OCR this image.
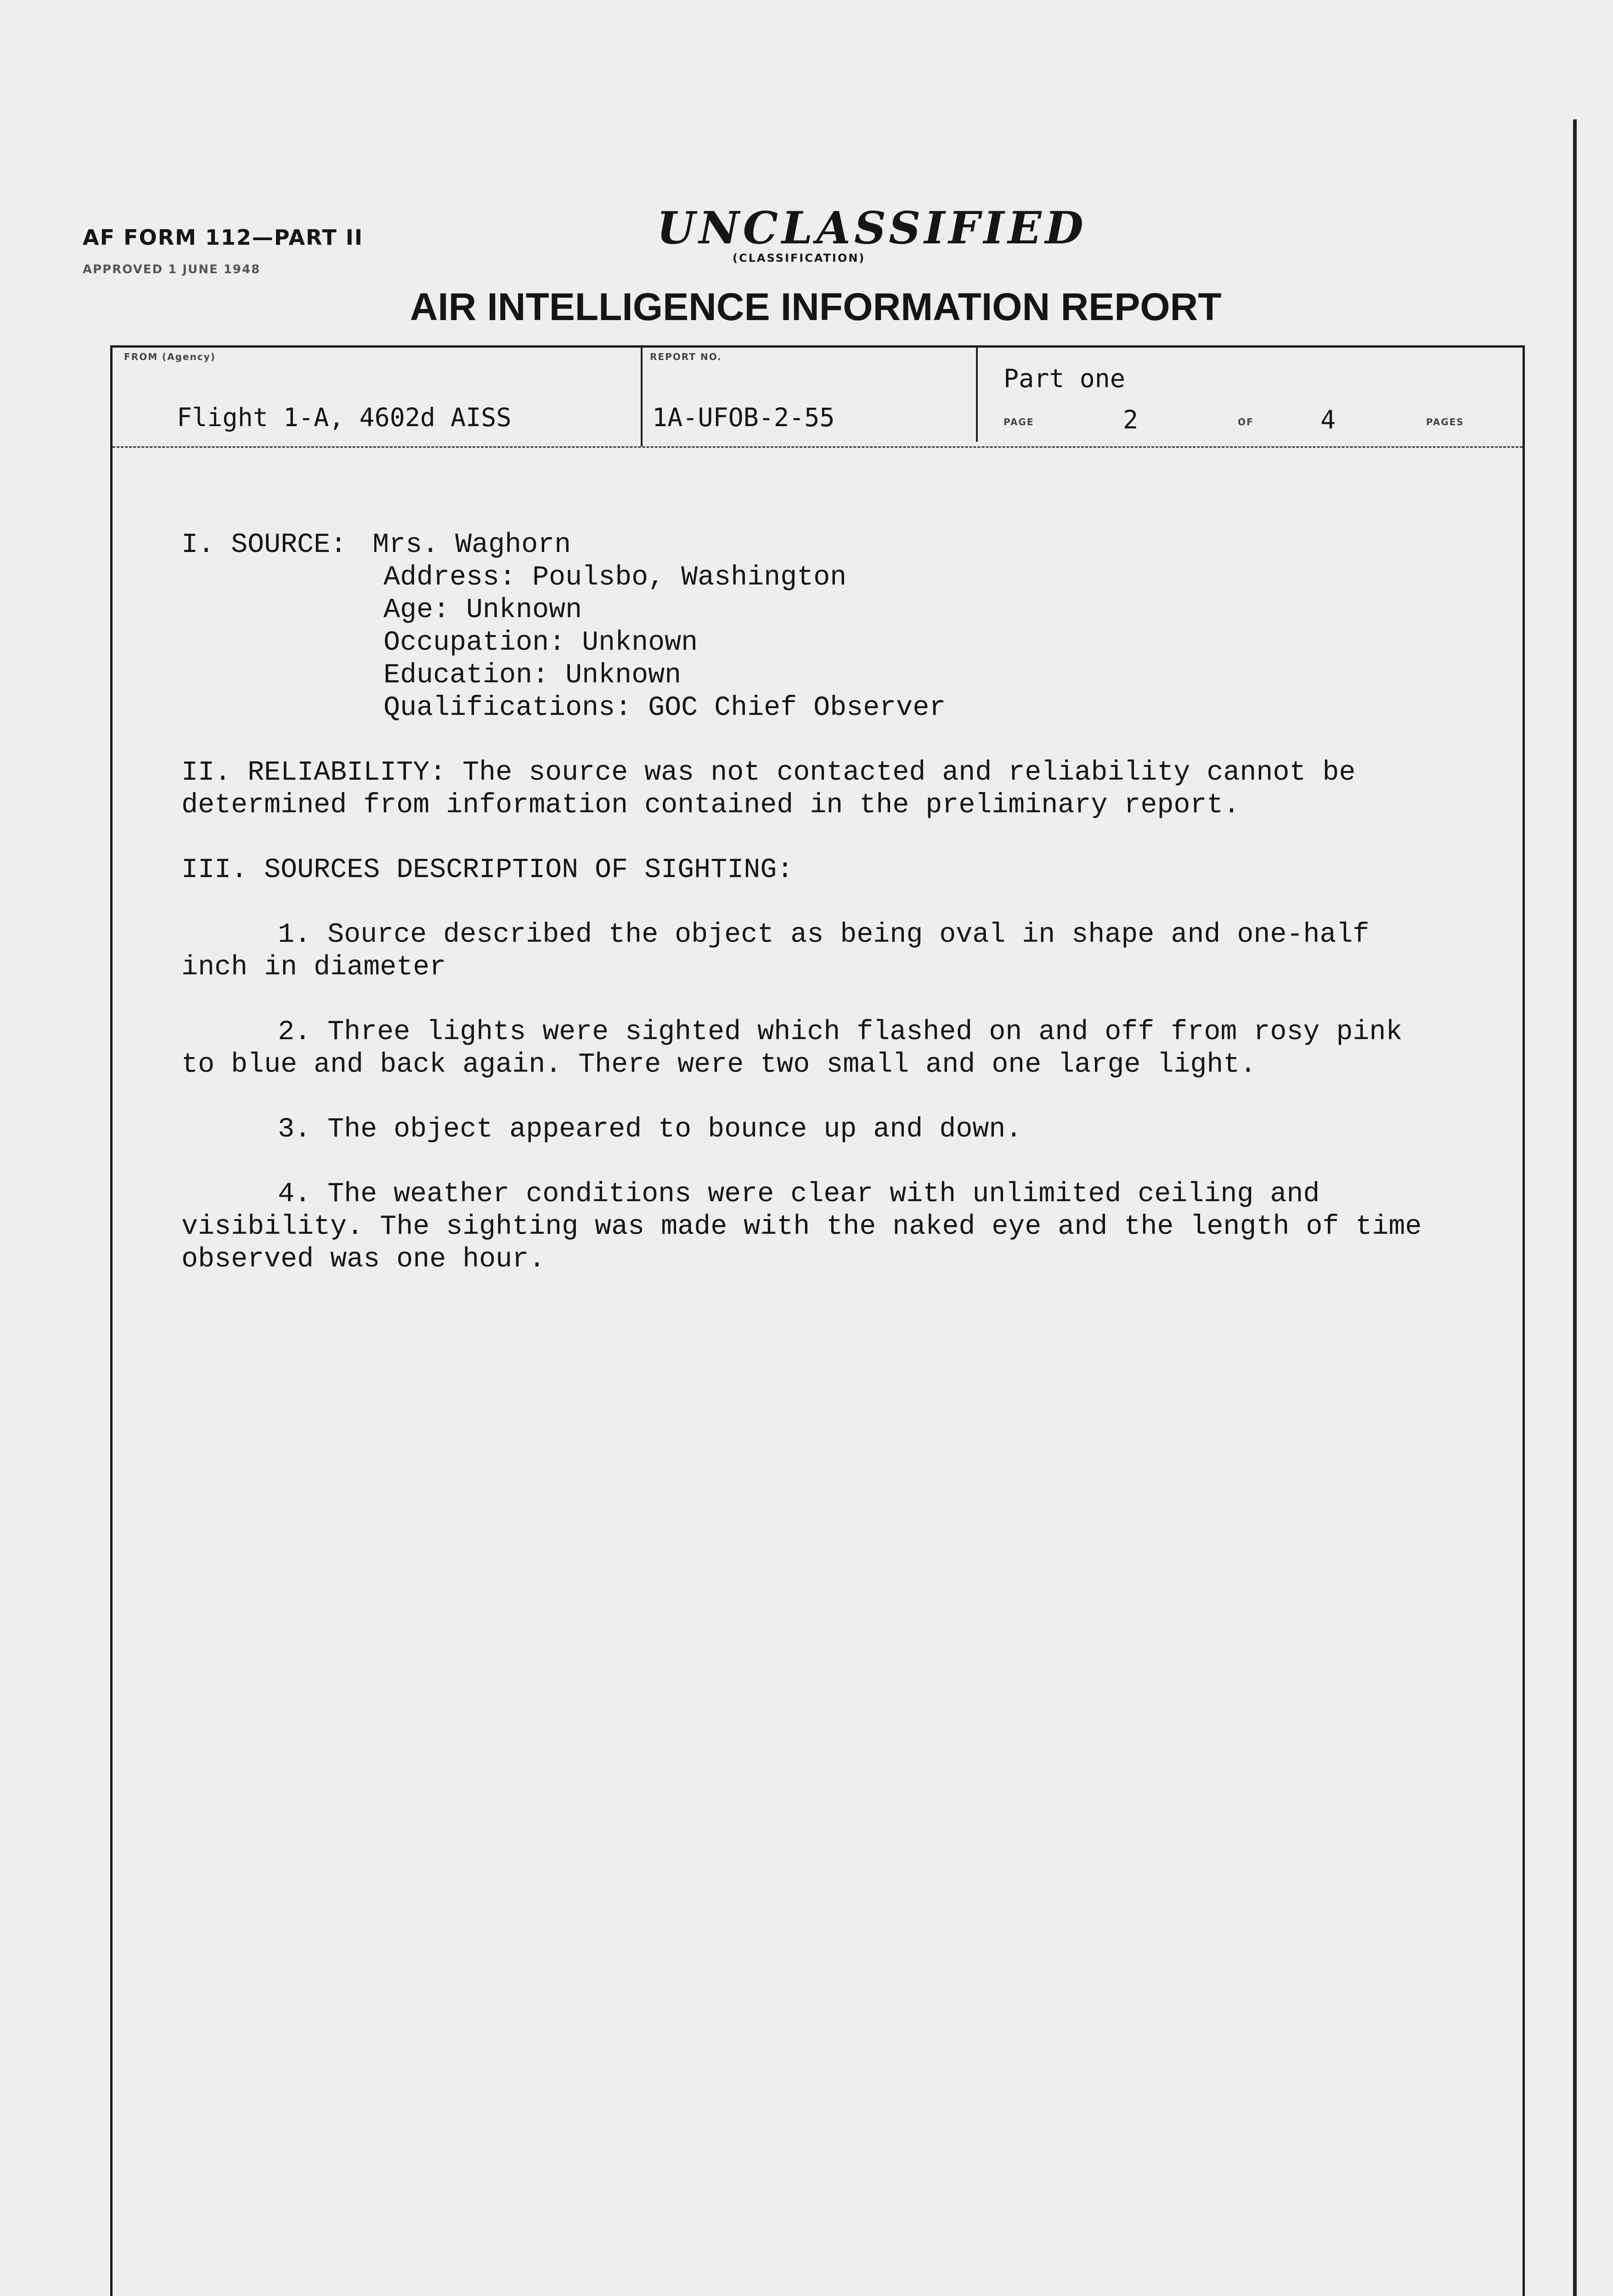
AF FORM 112—PART II
APPROVED 1 JUNE 1948
UNCLASSIFIED
(CLASSIFICATION)
AIR INTELLIGENCE INFORMATION REPORT
FROM (Agency)
Flight 1-A, 4602d AISS
REPORT NO.
1A-UFOB-2-55
Part one
PAGE	2	OF	4	PAGES
I. SOURCE: Mrs. Waghorn
Address: Poulsbo, Washington
Age: Unknown
Occupation: Unknown
Education: Unknown
Qualifications: GOC Chief Observer
II. RELIABILITY: The source was not contacted and reliability cannot be
determined from information contained in the preliminary report.
III. SOURCES DESCRIPTION OF SIGHTING:
1. Source described the object as being oval in shape and one-half
inch in diameter
2. Three lights were sighted which flashed on and off from rosy pink
to blue and back again. There were two small and one large light.
3. The object appeared to bounce up and down.
4. The weather conditions were clear with unlimited ceiling and
visibility. The sighting was made with the naked eye and the length of time
observed was one hour.
